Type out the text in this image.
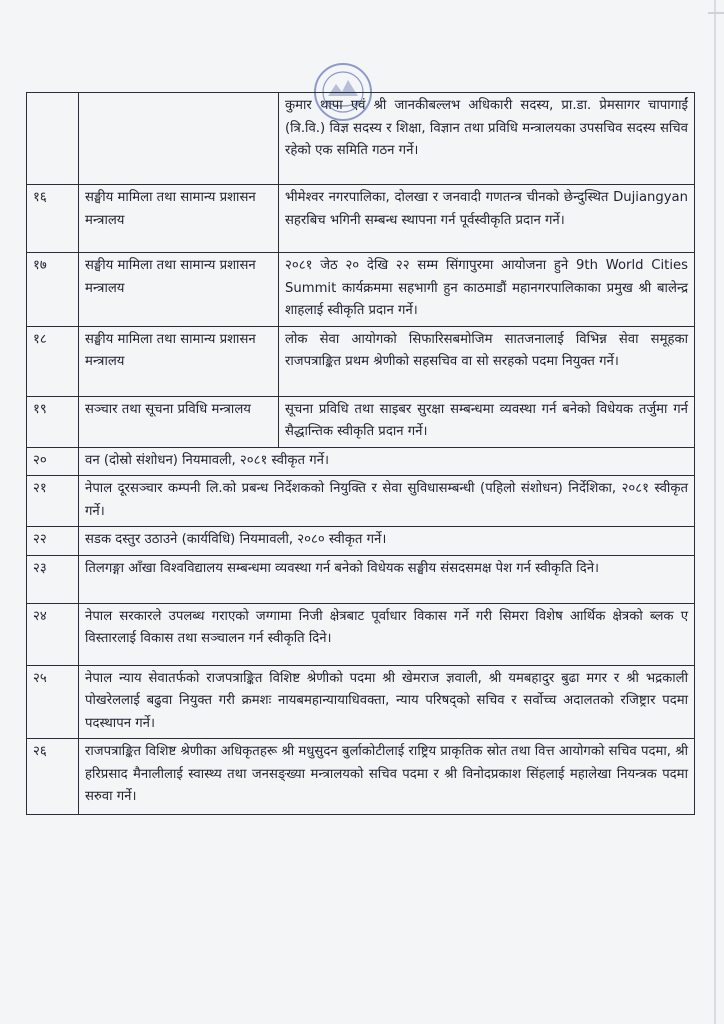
		कुमार थापा एवं श्री जानकीबल्लभ अधिकारी सदस्य, प्रा.डा. प्रेमसागर चापागाईं (त्रि.वि.) विज्ञ सदस्य र शिक्षा, विज्ञान तथा प्रविधि मन्त्रालयका उपसचिव सदस्य सचिव रहेको एक समिति गठन गर्ने।
१६	सङ्घीय मामिला तथा सामान्य प्रशासन मन्त्रालय	भीमेश्वर नगरपालिका, दोलखा र जनवादी गणतन्त्र चीनको छेन्दुस्थित Dujiangyan सहरबिच भगिनी सम्बन्ध स्थापना गर्न पूर्वस्वीकृति प्रदान गर्ने।
१७	सङ्घीय मामिला तथा सामान्य प्रशासन मन्त्रालय	२०८१ जेठ २० देखि २२ सम्म सिंगापुरमा आयोजना हुने 9th World Cities Summit कार्यक्रममा सहभागी हुन काठमाडौं महानगरपालिकाका प्रमुख श्री बालेन्द्र शाहलाई स्वीकृति प्रदान गर्ने।
१८	सङ्घीय मामिला तथा सामान्य प्रशासन मन्त्रालय	लोक सेवा आयोगको सिफारिसबमोजिम सातजनालाई विभिन्न सेवा समूहका राजपत्राङ्कित प्रथम श्रेणीको सहसचिव वा सो सरहको पदमा नियुक्त गर्ने।
१९	सञ्चार तथा सूचना प्रविधि मन्त्रालय	सूचना प्रविधि तथा साइबर सुरक्षा सम्बन्धमा व्यवस्था गर्न बनेको विधेयक तर्जुमा गर्न सैद्धान्तिक स्वीकृति प्रदान गर्ने।
२०	वन (दोस्रो संशोधन) नियमावली, २०८१ स्वीकृत गर्ने।	
२१	नेपाल दूरसञ्चार कम्पनी लि.को प्रबन्ध निर्देशकको नियुक्ति र सेवा सुविधासम्बन्धी (पहिलो संशोधन) निर्देशिका, २०८१ स्वीकृत गर्ने।	
२२	सडक दस्तुर उठाउने (कार्यविधि) नियमावली, २०८० स्वीकृत गर्ने।	
२३	तिलगङ्गा आँखा विश्वविद्यालय सम्बन्धमा व्यवस्था गर्न बनेको विधेयक सङ्घीय संसदसमक्ष पेश गर्न स्वीकृति दिने।	
२४	नेपाल सरकारले उपलब्ध गराएको जग्गामा निजी क्षेत्रबाट पूर्वाधार विकास गर्ने गरी सिमरा विशेष आर्थिक क्षेत्रको ब्लक ए विस्तारलाई विकास तथा सञ्चालन गर्न स्वीकृति दिने।	
२५	नेपाल न्याय सेवातर्फको राजपत्राङ्कित विशिष्ट श्रेणीको पदमा श्री खेमराज ज्ञवाली, श्री यमबहादुर बुढा मगर र श्री भद्रकाली पोखरेललाई बढुवा नियुक्त गरी क्रमशः नायबमहान्यायाधिवक्ता, न्याय परिषद्को सचिव र सर्वोच्च अदालतको रजिष्ट्रार पदमा पदस्थापन गर्ने।	
२६	राजपत्राङ्कित विशिष्ट श्रेणीका अधिकृतहरू श्री मधुसुदन बुर्लाकोटीलाई राष्ट्रिय प्राकृतिक स्रोत तथा वित्त आयोगको सचिव पदमा, श्री हरिप्रसाद मैनालीलाई स्वास्थ्य तथा जनसङ्ख्या मन्त्रालयको सचिव पदमा र श्री विनोदप्रकाश सिंहलाई महालेखा नियन्त्रक पदमा सरुवा गर्ने।	
